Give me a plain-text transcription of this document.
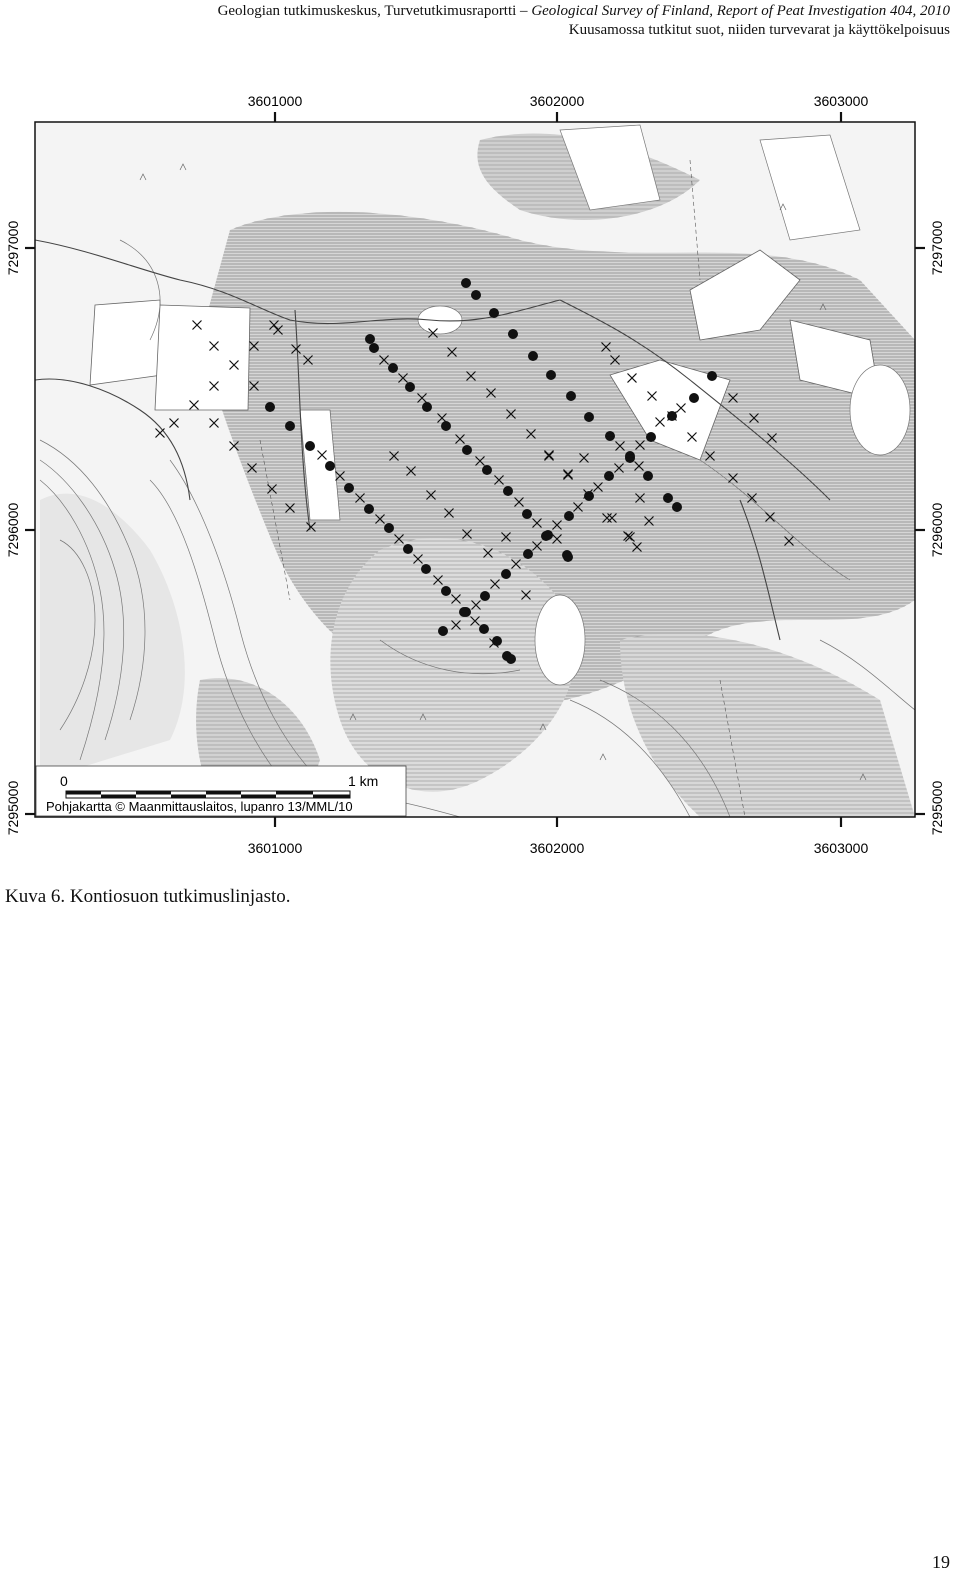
Geologian tutkimuskeskus, Turvetutkimusraportti – Geological Survey of Finland, Report of Peat Investigation 404, 2010
Kuusamossa tutkitut suot, niiden turvevarat ja käyttökelpoisuus
3601000	3602000	3603000
3601000	3602000	3603000
7297000
7296000
7295000
7297000
7296000
7295000
0	1 km
Pohjakartta © Maanmittauslaitos, lupanro 13/MML/10
Kuva 6. Kontiosuon tutkimuslinjasto.
19
